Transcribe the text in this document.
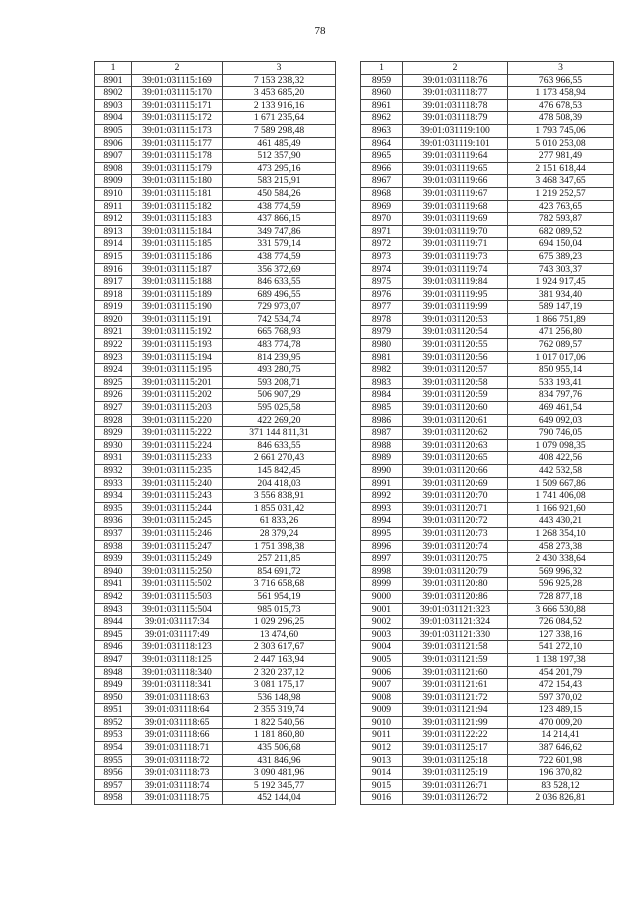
78
1	2	3
8901	39:01:031115:169	7 153 238,32
8902	39:01:031115:170	3 453 685,20
8903	39:01:031115:171	2 133 916,16
8904	39:01:031115:172	1 671 235,64
8905	39:01:031115:173	7 589 298,48
8906	39:01:031115:177	461 485,49
8907	39:01:031115:178	512 357,90
8908	39:01:031115:179	473 295,16
8909	39:01:031115:180	583 215,91
8910	39:01:031115:181	450 584,26
8911	39:01:031115:182	438 774,59
8912	39:01:031115:183	437 866,15
8913	39:01:031115:184	349 747,86
8914	39:01:031115:185	331 579,14
8915	39:01:031115:186	438 774,59
8916	39:01:031115:187	356 372,69
8917	39:01:031115:188	846 633,55
8918	39:01:031115:189	689 496,55
8919	39:01:031115:190	729 973,07
8920	39:01:031115:191	742 534,74
8921	39:01:031115:192	665 768,93
8922	39:01:031115:193	483 774,78
8923	39:01:031115:194	814 239,95
8924	39:01:031115:195	493 280,75
8925	39:01:031115:201	593 208,71
8926	39:01:031115:202	506 907,29
8927	39:01:031115:203	595 025,58
8928	39:01:031115:220	422 269,20
8929	39:01:031115:222	371 144 811,31
8930	39:01:031115:224	846 633,55
8931	39:01:031115:233	2 661 270,43
8932	39:01:031115:235	145 842,45
8933	39:01:031115:240	204 418,03
8934	39:01:031115:243	3 556 838,91
8935	39:01:031115:244	1 855 031,42
8936	39:01:031115:245	61 833,26
8937	39:01:031115:246	28 379,24
8938	39:01:031115:247	1 751 398,38
8939	39:01:031115:249	257 211,85
8940	39:01:031115:250	854 691,72
8941	39:01:031115:502	3 716 658,68
8942	39:01:031115:503	561 954,19
8943	39:01:031115:504	985 015,73
8944	39:01:031117:34	1 029 296,25
8945	39:01:031117:49	13 474,60
8946	39:01:031118:123	2 303 617,67
8947	39:01:031118:125	2 447 163,94
8948	39:01:031118:340	2 320 237,12
8949	39:01:031118:341	3 081 175,17
8950	39:01:031118:63	536 148,98
8951	39:01:031118:64	2 355 319,74
8952	39:01:031118:65	1 822 540,56
8953	39:01:031118:66	1 181 860,80
8954	39:01:031118:71	435 506,68
8955	39:01:031118:72	431 846,96
8956	39:01:031118:73	3 090 481,96
8957	39:01:031118:74	5 192 345,77
8958	39:01:031118:75	452 144,04
1	2	3
8959	39:01:031118:76	763 966,55
8960	39:01:031118:77	1 173 458,94
8961	39:01:031118:78	476 678,53
8962	39:01:031118:79	478 508,39
8963	39:01:031119:100	1 793 745,06
8964	39:01:031119:101	5 010 253,08
8965	39:01:031119:64	277 981,49
8966	39:01:031119:65	2 151 618,44
8967	39:01:031119:66	3 468 347,65
8968	39:01:031119:67	1 219 252,57
8969	39:01:031119:68	423 763,65
8970	39:01:031119:69	782 593,87
8971	39:01:031119:70	682 089,52
8972	39:01:031119:71	694 150,04
8973	39:01:031119:73	675 389,23
8974	39:01:031119:74	743 303,37
8975	39:01:031119:84	1 924 917,45
8976	39:01:031119:95	381 934,40
8977	39:01:031119:99	589 147,19
8978	39:01:031120:53	1 866 751,89
8979	39:01:031120:54	471 256,80
8980	39:01:031120:55	762 089,57
8981	39:01:031120:56	1 017 017,06
8982	39:01:031120:57	850 955,14
8983	39:01:031120:58	533 193,41
8984	39:01:031120:59	834 797,76
8985	39:01:031120:60	469 461,54
8986	39:01:031120:61	649 092,03
8987	39:01:031120:62	790 746,05
8988	39:01:031120:63	1 079 098,35
8989	39:01:031120:65	408 422,56
8990	39:01:031120:66	442 532,58
8991	39:01:031120:69	1 509 667,86
8992	39:01:031120:70	1 741 406,08
8993	39:01:031120:71	1 166 921,60
8994	39:01:031120:72	443 430,21
8995	39:01:031120:73	1 268 354,10
8996	39:01:031120:74	458 273,38
8997	39:01:031120:75	2 430 338,64
8998	39:01:031120:79	569 996,32
8999	39:01:031120:80	596 925,28
9000	39:01:031120:86	728 877,18
9001	39:01:031121:323	3 666 530,88
9002	39:01:031121:324	726 084,52
9003	39:01:031121:330	127 338,16
9004	39:01:031121:58	541 272,10
9005	39:01:031121:59	1 138 197,38
9006	39:01:031121:60	454 201,79
9007	39:01:031121:61	472 154,43
9008	39:01:031121:72	597 370,02
9009	39:01:031121:94	123 489,15
9010	39:01:031121:99	470 009,20
9011	39:01:031122:22	14 214,41
9012	39:01:031125:17	387 646,62
9013	39:01:031125:18	722 601,98
9014	39:01:031125:19	196 370,82
9015	39:01:031126:71	83 528,12
9016	39:01:031126:72	2 036 826,81
